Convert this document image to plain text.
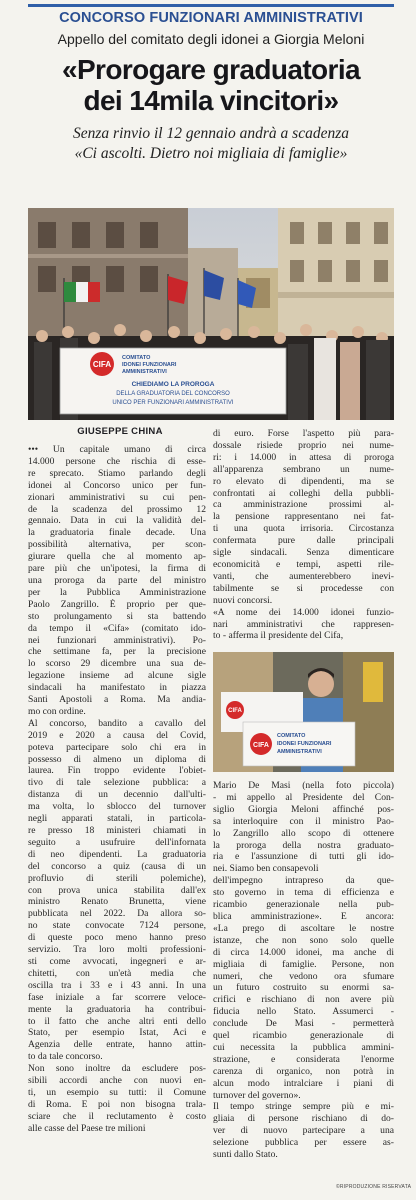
CONCORSO FUNZIONARI AMMINISTRATIVI
Appello del comitato degli idonei a Giorgia Meloni
«Prorogare graduatoria
dei 14mila vincitori»
Senza rinvio il 12 gennaio andrà a scadenza
«Ci ascolti. Dietro noi migliaia di famiglie»
CIFA
COMITATO
IDONEI FUNZIONARI
AMMINISTRATIVI
CHIEDIAMO LA PROROGA
DELLA GRADUATORIA DEL CONCORSO
UNICO PER FUNZIONARI AMMINISTRATIVI
GIUSEPPE CHINA

••• Un capitale umano di circa

14.000 persone che rischia di esse-

re sprecato. Stiamo parlando degli

idonei al Concorso unico per fun-

zionari amministrativi su cui pen-

de la scadenza del prossimo 12

gennaio. Data in cui la validità del-

la graduatoria finale decade. Una

possibilità alternativa, per scon-

giurare quella che al momento ap-

pare più che un'ipotesi, la firma di

una proroga da parte del ministro

per la Pubblica Amministrazione

Paolo Zangrillo. È proprio per que-

sto prolungamento si sta battendo

da tempo il «Cifa» (comitato ido-

nei funzionari amministrativi). Po-

che settimane fa, per la precisione

lo scorso 29 dicembre una sua de-

legazione insieme ad alcune sigle

sindacali ha manifestato in piazza

Santi Apostoli a Roma. Ma andia-

mo con ordine.

Al concorso, bandito a cavallo del

2019 e 2020 a causa del Covid,

poteva partecipare solo chi era in

possesso di almeno un diploma di

laurea. Fin troppo evidente l'obiet-

tivo di tale selezione pubblica: a

distanza di un decennio dall'ulti-

ma volta, lo sblocco del turnover

negli apparati statali, in particola-

re presso 18 ministeri chiamati in

seguito a usufruire dell'infornata

di neo dipendenti. La graduatoria

del concorso a quiz (causa di un

profluvio di sterili polemiche),

con prova unica stabilita dall'ex

ministro Renato Brunetta, viene

pubblicata nel 2022. Da allora so-

no state convocate 7124 persone,

di queste poco meno hanno preso

servizio. Tra loro molti professioni-

sti come avvocati, ingegneri e ar-

chitetti, con un'età media che

oscilla tra i 33 e i 43 anni. In una

fase iniziale a far scorrere veloce-

mente la graduatoria ha contribui-

to il fatto che anche altri enti dello

Stato, per esempio Istat, Aci e

Agenzia delle entrate, hanno attin-

to da tale concorso.

Non sono inoltre da escludere pos-

sibili accordi anche con nuovi en-

ti, un esempio su tutti: il Comune

di Roma. E poi non bisogna trala-

sciare che il reclutamento è costo

alle casse del Paese tre milioni

di euro. Forse l'aspetto più para-

dossale risiede proprio nei nume-

ri: i 14.000 in attesa di proroga

all'apparenza sembrano un nume-

ro elevato di dipendenti, ma se

confrontati ai colleghi della pubbli-

ca amministrazione prossimi al-

la pensione rappresentano nei fat-

ti una quota irrisoria. Circostanza

confermata pure dalle principali

sigle sindacali. Senza dimenticare

economicità e tempi, aspetti rile-

vanti, che aumenterebbero inevi-

tabilmente se si procedesse con

nuovi concorsi.

«A nome dei 14.000 idonei funzio-

nari amministrativi che rappresen-

to - afferma il presidente del Cifa,

CIFA
CIFA
COMITATO
IDONEI FUNZIONARI
AMMINISTRATIVI

Mario De Masi (nella foto piccola)

- mi appello al Presidente del Con-

siglio Giorgia Meloni affinché pos-

sa interloquire con il ministro Pao-

lo Zangrillo allo scopo di ottenere

la proroga della nostra graduato-

ria e l'assunzione di tutti gli ido-

nei. Siamo ben consapevoli

dell'impegno intrapreso da que-

sto governo in tema di efficienza e

ricambio generazionale nella pub-

blica amministrazione». E ancora:

«La prego di ascoltare le nostre

istanze, che non sono solo quelle

di circa 14.000 idonei, ma anche di

migliaia di famiglie. Persone, non

numeri, che vedono ora sfumare

un futuro costruito su enormi sa-

crifici e rischiano di non avere più

fiducia nello Stato. Assumerci -

conclude De Masi - permetterà

quel ricambio generazionale di

cui necessita la pubblica ammini-

strazione, e considerata l'enorme

carenza di organico, non potrà in

alcun modo intralciare i piani di

turnover del governo».

Il tempo stringe sempre più e mi-

gliaia di persone rischiano di do-

ver di nuovo partecipare a una

selezione pubblica per essere as-

sunti dallo Stato.

©RIPRODUZIONE RISERVATA
